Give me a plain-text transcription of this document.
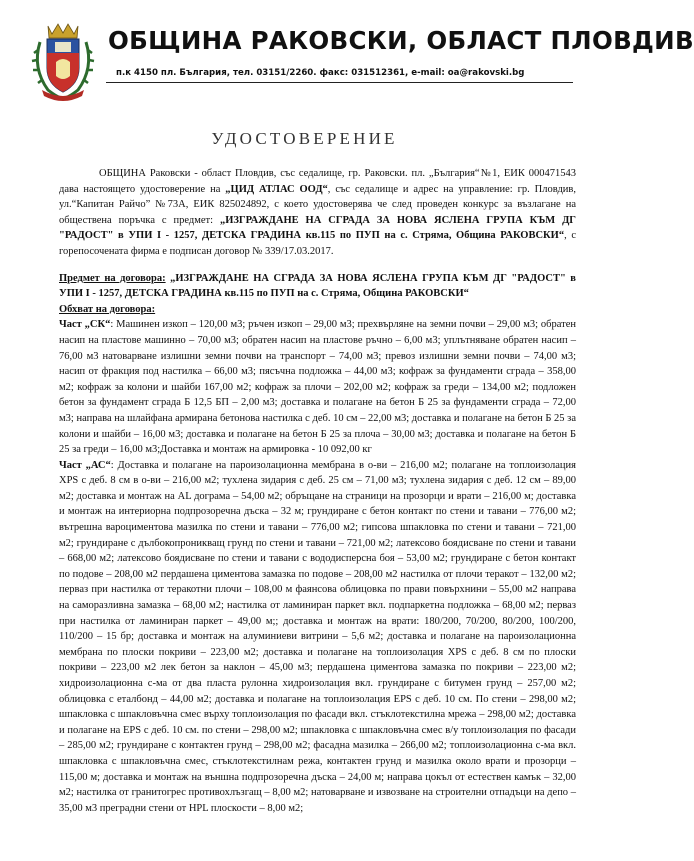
ОБЩИНА РАКОВСКИ, ОБЛАСТ ПЛОВДИВ
п.к 4150 пл. България, тел. 03151/2260. факс: 031512361, e-mail: oa@rakovski.bg
УДОСТОВЕРЕНИЕ

ОБЩИНА Раковски - област Пловдив, със седалище, гр. Раковски. пл. „България“№1, ЕИК 000471543 дава настоящето удостоверение на „ЦИД АТЛАС ООД“, със седалище и адрес на управление: гр. Пловдив, ул.“Капитан Райчо” №73А, ЕИК 825024892, с което удостоверява че след проведен конкурс за възлагане на обществена поръчка с предмет: „ИЗГРАЖДАНЕ НА СГРАДА ЗА НОВА ЯСЛЕНА ГРУПА КЪМ ДГ "РАДОСТ" в УПИ I - 1257, ДЕТСКА ГРАДИНА кв.115 по ПУП на с. Стряма, Община РАКОВСКИ“, с горепосочената фирма е подписан договор № 339/17.03.2017.

Предмет на договора: „ИЗГРАЖДАНЕ НА СГРАДА ЗА НОВА ЯСЛЕНА ГРУПА КЪМ ДГ "РАДОСТ" в УПИ I - 1257, ДЕТСКА ГРАДИНА кв.115 по ПУП на с. Стряма, Община РАКОВСКИ“

Обхват на договора:

Част „СК“: Машинен изкоп – 120,00 м3; ръчен изкоп – 29,00 м3; прехвърляне на земни почви – 29,00 м3; обратен насип на пластове машинно – 70,00 м3; обратен насип на пластове ръчно – 6,00 м3; уплътняване обратен насип – 76,00 м3 натоварване излишни земни почви на транспорт – 74,00 м3; превоз излишни земни почви – 74,00 м3; насип от фракция под настилка – 66,00 м3; пясъчна подложка – 44,00 м3; кофраж за фундаменти сграда – 358,00 м2; кофраж за колони и шайби 167,00 м2; кофраж за плочи – 202,00 м2; кофраж за греди – 134,00 м2; подложен бетон за фундамент сграда Б 12,5 БП – 2,00 м3; доставка и полагане на бетон Б 25 за фундаменти сграда – 72,00 м3; направа на шлайфана армирана бетонова настилка с деб. 10 см – 22,00 м3; доставка и полагане на бетон Б 25 за колони и шайби – 16,00 м3; доставка и полагане на бетон Б 25 за плоча – 30,00 м3; доставка и полагане на бетон Б 25 за греди – 16,00 м3;Доставка и монтаж на армировка - 10 092,00 кг

Част „АС“: Доставка и полагане на пароизолационна мембрана в о-ви – 216,00 м2; полагане на топлоизолация XPS с деб. 8 см в о-ви – 216,00 м2; тухлена зидария с деб. 25 см – 71,00 м3; тухлена зидария с деб. 12 см – 89,00 м2; доставка и монтаж на AL дограма – 54,00 м2; обръщане на страници на прозорци и врати – 216,00 м; доставка и монтаж на интериорна подпрозоречна дъска – 32 м; грундиране с бетон контакт по стени и тавани – 776,00 м2; вътрешна вароциментова мазилка по стени и тавани – 776,00 м2; гипсова шпакловка по стени и тавани – 721,00 м2; грундиране с дълбокопроникващ грунд по стени и тавани – 721,00 м2; латексово боядисване по стени и тавани – 668,00 м2; латексово боядисване по стени и тавани с вододисперсна боя – 53,00 м2; грундиране с бетон контакт по подове – 208,00 м2 пердашена циментова замазка по подове – 208,00 м2 настилка от плочи теракот – 132,00 м2; перваз при настилка от теракотни плочи – 108,00 м фаянсова облицовка по прави повърхнини – 55,00 м2 направа на саморазливна замазка – 68,00 м2; настилка от ламиниран паркет вкл. подпаркетна подложка – 68,00 м2; перваз при настилка от ламиниран паркет – 49,00 м;; доставка и монтаж на врати: 180/200, 70/200, 80/200, 100/200, 110/200 – 15 бр; доставка и монтаж на алуминиеви витрини – 5,6 м2; доставка и полагане на пароизолационна мембрана по плоски покриви – 223,00 м2; доставка и полагане на топлоизолация XPS с деб. 8 см по плоски покриви – 223,00 м2 лек бетон за наклон – 45,00 м3; пердашена циментова замазка по покриви – 223,00 м2; хидроизолационна с-ма от два пласта рулонна хидроизолация вкл. грундиране с битумен грунд – 257,00 м2; облицовка с еталбонд – 44,00 м2; доставка и полагане на топлоизолация EPS с деб. 10 см. По стени – 298,00 м2; шпакловка с шпакловъчна смес върху топлоизолация по фасади вкл. стъклотекстилна мрежа – 298,00 м2; доставка и полагане на EPS с деб. 10 см. по стени – 298,00 м2; шпакловка с шпакловъчна смес в/у топлоизолация по фасади – 285,00 м2; грундиране с контактен грунд – 298,00 м2; фасадна мазилка – 266,00 м2; топлоизолационна с-ма вкл. шпакловка с шпакловъчна смес, стъклотекстилнам режа, контактен грунд и мазилка около врати и прозорци – 115,00 м; доставка и монтаж на външна подпрозоречна дъска – 24,00 м; направа цокъл от естествен камък – 32,00 м2; настилка от гранитогрес противохлъзгащ – 8,00 м2; натоварване и извозване на строителни отпадъци на депо – 35,00 м3 преградни стени от HPL плоскости – 8,00 м2;
